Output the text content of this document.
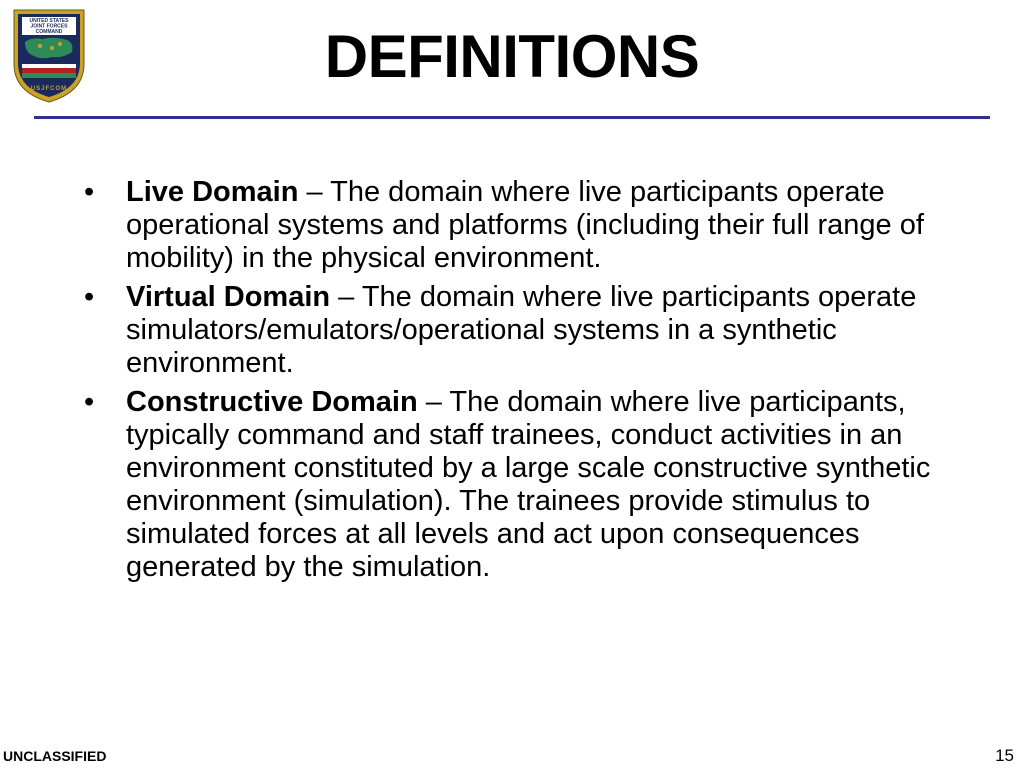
UNITED STATES
JOINT FORCES
COMMAND
USJFCOM	DEFINITIONS
• Live Domain – The domain where live participants operate operational systems and platforms (including their full range of mobility) in the physical environment.
• Virtual Domain – The domain where live participants operate simulators/emulators/operational systems in a synthetic environment.
• Constructive Domain – The domain where live participants, typically command and staff trainees, conduct activities in an environment constituted by a large scale constructive synthetic environment (simulation). The trainees provide stimulus to simulated forces at all levels and act upon consequences generated by the simulation.
UNCLASSIFIED	15
